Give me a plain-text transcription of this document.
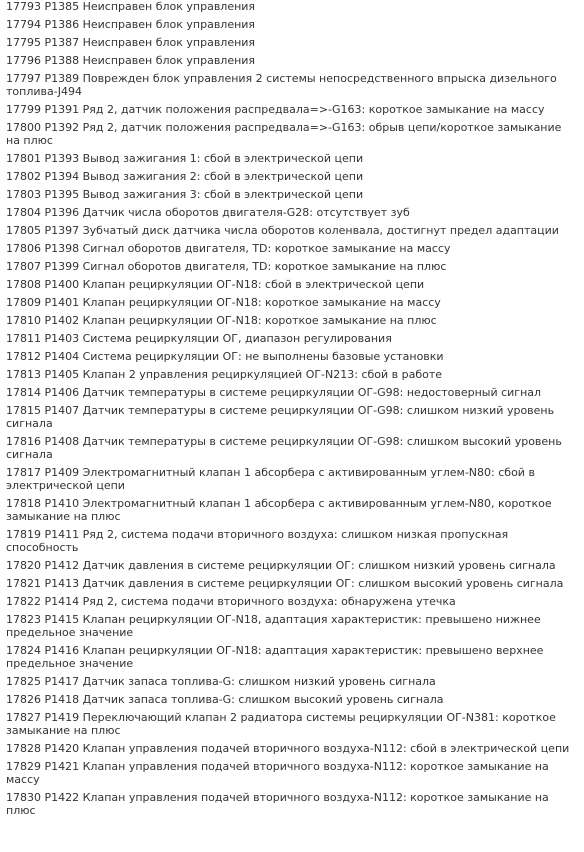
17793 P1385 Неисправен блок управления
17794 P1386 Неисправен блок управления
17795 P1387 Неисправен блок управления
17796 P1388 Неисправен блок управления
17797 P1389 Поврежден блок управления 2 системы непосредственного впрыска дизельного топлива-J494
17799 P1391 Ряд 2, датчик положения распредвала=>-G163: короткое замыкание на массу
17800 P1392 Ряд 2, датчик положения распредвала=>-G163: обрыв цепи/короткое замыкание на плюс
17801 P1393 Вывод зажигания 1: сбой в электрической цепи
17802 P1394 Вывод зажигания 2: сбой в электрической цепи
17803 P1395 Вывод зажигания 3: сбой в электрической цепи
17804 P1396 Датчик числа оборотов двигателя-G28: отсутствует зуб
17805 P1397 Зубчатый диск датчика числа оборотов коленвала, достигнут предел адаптации
17806 P1398 Сигнал оборотов двигателя, TD: короткое замыкание на массу
17807 P1399 Сигнал оборотов двигателя, TD: короткое замыкание на плюс
17808 P1400 Клапан рециркуляции ОГ-N18: сбой в электрической цепи
17809 P1401 Клапан рециркуляции ОГ-N18: короткое замыкание на массу
17810 P1402 Клапан рециркуляции ОГ-N18: короткое замыкание на плюс
17811 P1403 Система рециркуляции ОГ, диапазон регулирования
17812 P1404 Система рециркуляции ОГ: не выполнены базовые установки
17813 P1405 Клапан 2 управления рециркуляцией ОГ-N213: сбой в работе
17814 P1406 Датчик температуры в системе рециркуляции ОГ-G98: недостоверный сигнал
17815 P1407 Датчик температуры в системе рециркуляции ОГ-G98: слишком низкий уровень сигнала
17816 P1408 Датчик температуры в системе рециркуляции ОГ-G98: слишком высокий уровень сигнала
17817 P1409 Электромагнитный клапан 1 абсорбера с активированным углем-N80: сбой в электрической цепи
17818 P1410 Электромагнитный клапан 1 абсорбера с активированным углем-N80, короткое замыкание на плюс
17819 P1411 Ряд 2, система подачи вторичного воздуха: слишком низкая пропускная способность
17820 P1412 Датчик давления в системе рециркуляции ОГ: слишком низкий уровень сигнала
17821 P1413 Датчик давления в системе рециркуляции ОГ: слишком высокий уровень сигнала
17822 P1414 Ряд 2, система подачи вторичного воздуха: обнаружена утечка
17823 P1415 Клапан рециркуляции ОГ-N18, адаптация характеристик: превышено нижнее предельное значение
17824 P1416 Клапан рециркуляции ОГ-N18: адаптация характеристик: превышено верхнее предельное значение
17825 P1417 Датчик запаса топлива-G: слишком низкий уровень сигнала
17826 P1418 Датчик запаса топлива-G: слишком высокий уровень сигнала
17827 P1419 Переключающий клапан 2 радиатора системы рециркуляции ОГ-N381: короткое замыкание на плюс
17828 P1420 Клапан управления подачей вторичного воздуха-N112: сбой в электрической цепи
17829 P1421 Клапан управления подачей вторичного воздуха-N112: короткое замыкание на массу
17830 P1422 Клапан управления подачей вторичного воздуха-N112: короткое замыкание на плюс
